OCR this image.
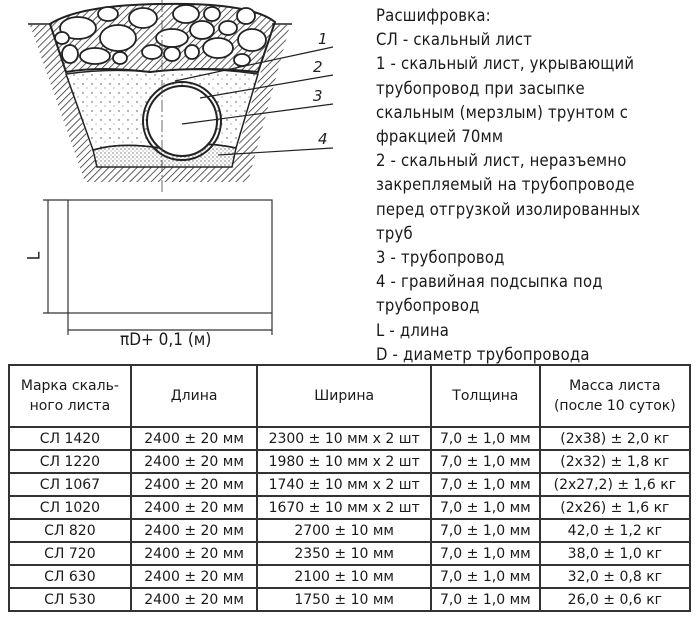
1
2
3
4
L
πD+ 0,1 (м)
Расшифровка:
СЛ - скальный лист
1 - скальный лист, укрывающий
трубопровод при засыпке
скальным (мерзлым) трунтом с
фракцией 70мм
2 - скальный лист, неразъемно
закрепляемый на трубопроводе
перед отгрузкой изолированных
труб
3 - трубопровод
4 - гравийная подсыпка под
трубопровод
L - длина
D - диаметр трубопровода
Марка скаль-
ного листа	Длина	Ширина	Толщина	Масса листа
(после 10 суток)
СЛ 1420	2400 ± 20 мм	2300 ± 10 мм х 2 шт	7,0 ± 1,0 мм	(2х38) ± 2,0 кг
СЛ 1220	2400 ± 20 мм	1980 ± 10 мм х 2 шт	7,0 ± 1,0 мм	(2х32) ± 1,8 кг
СЛ 1067	2400 ± 20 мм	1740 ± 10 мм х 2 шт	7,0 ± 1,0 мм	(2х27,2) ± 1,6 кг
СЛ 1020	2400 ± 20 мм	1670 ± 10 мм х 2 шт	7,0 ± 1,0 мм	(2х26) ± 1,6 кг
СЛ 820	2400 ± 20 мм	2700 ± 10 мм	7,0 ± 1,0 мм	42,0 ± 1,2 кг
СЛ 720	2400 ± 20 мм	2350 ± 10 мм	7,0 ± 1,0 мм	38,0 ± 1,0 кг
СЛ 630	2400 ± 20 мм	2100 ± 10 мм	7,0 ± 1,0 мм	32,0 ± 0,8 кг
СЛ 530	2400 ± 20 мм	1750 ± 10 мм	7,0 ± 1,0 мм	26,0 ± 0,6 кг
